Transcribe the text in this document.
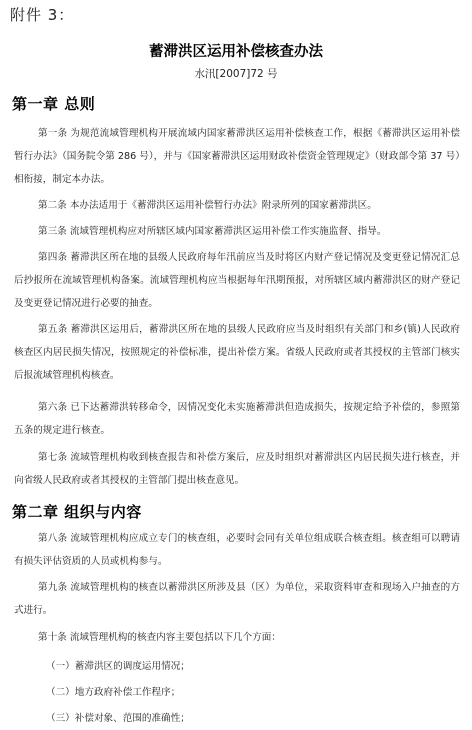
附件 3：
蓄滞洪区运用补偿核查办法
水汛[2007]72 号
第一章 总则

第一条 为规范流域管理机构开展流域内国家蓄滞洪区运用补偿核查工作，根据《蓄滞洪区运用补偿暂行办法》（国务院令第 286 号），并与《国家蓄滞洪区运用财政补偿资金管理规定》（财政部令第 37 号）相衔接，制定本办法。

第二条 本办法适用于《蓄滞洪区运用补偿暂行办法》附录所列的国家蓄滞洪区。

第三条 流域管理机构应对所辖区域内国家蓄滞洪区运用补偿工作实施监督、指导。

第四条 蓄滞洪区所在地的县级人民政府每年汛前应当及时将区内财产登记情况及变更登记情况汇总后抄报所在流域管理机构备案。流域管理机构应当根据每年汛期预报，对所辖区域内蓄滞洪区的财产登记及变更登记情况进行必要的抽查。

第五条 蓄滞洪区运用后，蓄滞洪区所在地的县级人民政府应当及时组织有关部门和乡(镇)人民政府核查区内居民损失情况，按照规定的补偿标准，提出补偿方案。省级人民政府或者其授权的主管部门核实后报流域管理机构核查。

第六条 已下达蓄滞洪转移命令，因情况变化未实施蓄滞洪但造成损失，按规定给予补偿的，参照第五条的规定进行核查。

第七条 流域管理机构收到核查报告和补偿方案后，应及时组织对蓄滞洪区内居民损失进行核查，并向省级人民政府或者其授权的主管部门提出核查意见。

第二章 组织与内容

第八条 流域管理机构应成立专门的核查组，必要时会同有关单位组成联合核查组。核查组可以聘请有损失评估资质的人员或机构参与。

第九条 流域管理机构的核查以蓄滞洪区所涉及县（区）为单位，采取资料审查和现场入户抽查的方式进行。

第十条 流域管理机构的核查内容主要包括以下几个方面：

（一）蓄滞洪区的调度运用情况；

（二）地方政府补偿工作程序；

（三）补偿对象、范围的准确性；
